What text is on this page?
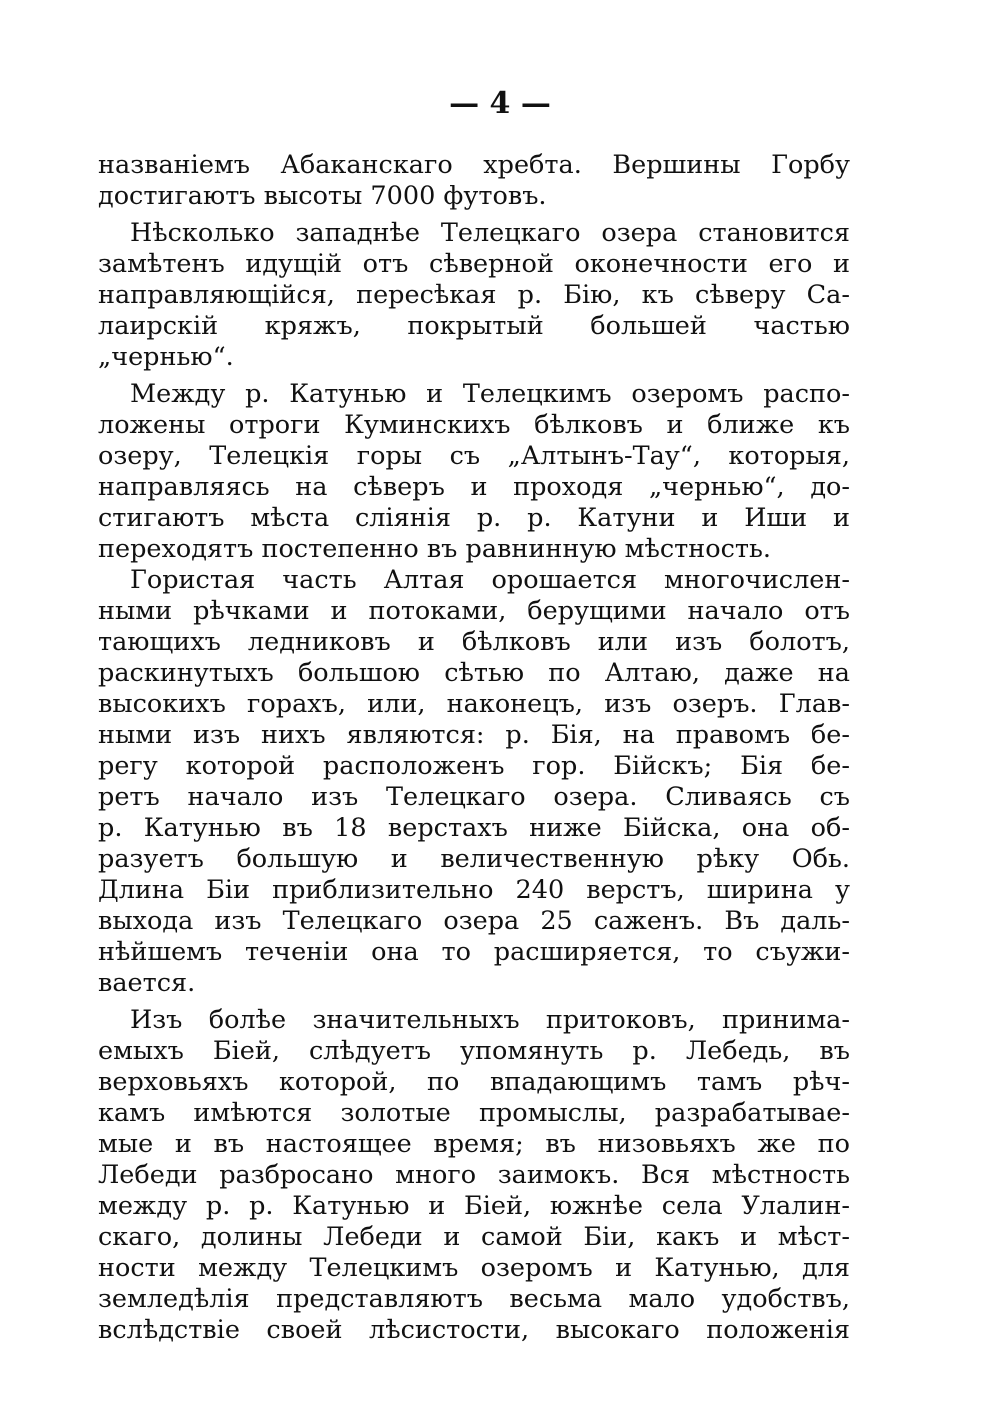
— 4 —
названіемъ Абаканскаго хребта. Вершины Горбу
достигаютъ высоты 7000 футовъ.
Нѣсколько западнѣе Телецкаго озера становится
замѣтенъ идущій отъ сѣверной оконечности его и
направляющійся, пересѣкая р. Бію, къ сѣверу Са-
лаирскій кряжъ, покрытый большей частью
„чернью“.
Между р. Катунью и Телецкимъ озеромъ распо-
ложены отроги Куминскихъ бѣлковъ и ближе къ
озеру, Телецкія горы съ „Алтынъ-Тау“, которыя,
направляясь на сѣверъ и проходя „чернью“, до-
стигаютъ мѣста сліянія р. р. Катуни и Иши и
переходятъ постепенно въ равнинную мѣстность.
Гористая часть Алтая орошается многочислен-
ными рѣчками и потоками, берущими начало отъ
тающихъ ледниковъ и бѣлковъ или изъ болотъ,
раскинутыхъ большою сѣтью по Алтаю, даже на
высокихъ горахъ, или, наконецъ, изъ озеръ. Глав-
ными изъ нихъ являются: р. Бія, на правомъ бе-
регу которой расположенъ гор. Бійскъ; Бія бе-
ретъ начало изъ Телецкаго озера. Сливаясь съ
р. Катунью въ 18 верстахъ ниже Бійска, она об-
разуетъ большую и величественную рѣку Обь.
Длина Біи приблизительно 240 верстъ, ширина у
выхода изъ Телецкаго озера 25 саженъ. Въ даль-
нѣйшемъ теченіи она то расширяется, то съужи-
вается.
Изъ болѣе значительныхъ притоковъ, принима-
емыхъ Біей, слѣдуетъ упомянуть р. Лебедь, въ
верховьяхъ которой, по впадающимъ тамъ рѣч-
камъ имѣются золотые промыслы, разрабатывае-
мые и въ настоящее время; въ низовьяхъ же по
Лебеди разбросано много заимокъ. Вся мѣстность
между р. р. Катунью и Біей, южнѣе села Улалин-
скаго, долины Лебеди и самой Біи, какъ и мѣст-
ности между Телецкимъ озеромъ и Катунью, для
земледѣлія представляютъ весьма мало удобствъ,
вслѣдствіе своей лѣсистости, высокаго положенія
